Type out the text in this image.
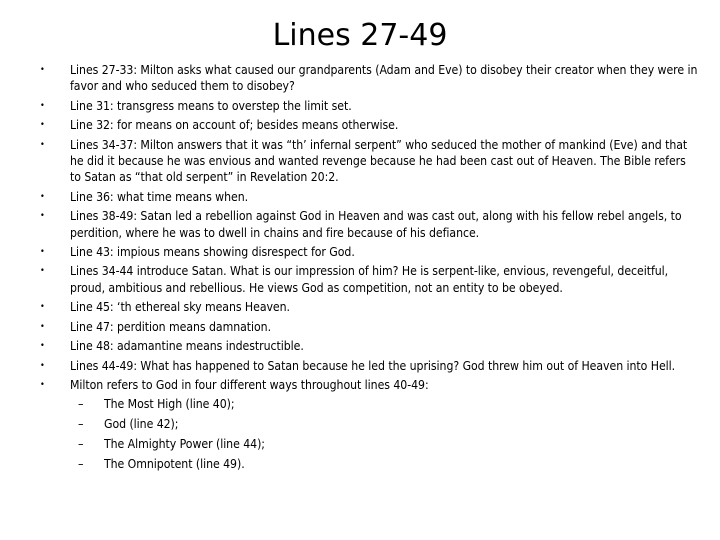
Lines 27-49
•	Lines 27-33: Milton asks what caused our grandparents (Adam and Eve) to disobey their creator when they were in favor and who seduced them to disobey?
•	Line 31: transgress means to overstep the limit set.
•	Line 32: for means on account of; besides means otherwise.
•	Lines 34-37: Milton answers that it was “th’ infernal serpent” who seduced the mother of mankind (Eve) and that he did it because he was envious and wanted revenge because he had been cast out of Heaven. The Bible refers to Satan as “that old serpent” in Revelation 20:2.
•	Line 36: what time means when.
•	Lines 38-49: Satan led a rebellion against God in Heaven and was cast out, along with his fellow rebel angels, to perdition, where he was to dwell in chains and fire because of his defiance.
•	Line 43: impious means showing disrespect for God.
•	Lines 34-44 introduce Satan. What is our impression of him? He is serpent-like, envious, revengeful, deceitful, proud, ambitious and rebellious. He views God as competition, not an entity to be obeyed.
•	Line 45: ‘th ethereal sky means Heaven.
•	Line 47: perdition means damnation.
•	Line 48: adamantine means indestructible.
•	Lines 44-49: What has happened to Satan because he led the uprising? God threw him out of Heaven into Hell.
•	Milton refers to God in four different ways throughout lines 40-49:
– The Most High (line 40);
– God (line 42);
– The Almighty Power (line 44);
– The Omnipotent (line 49).
